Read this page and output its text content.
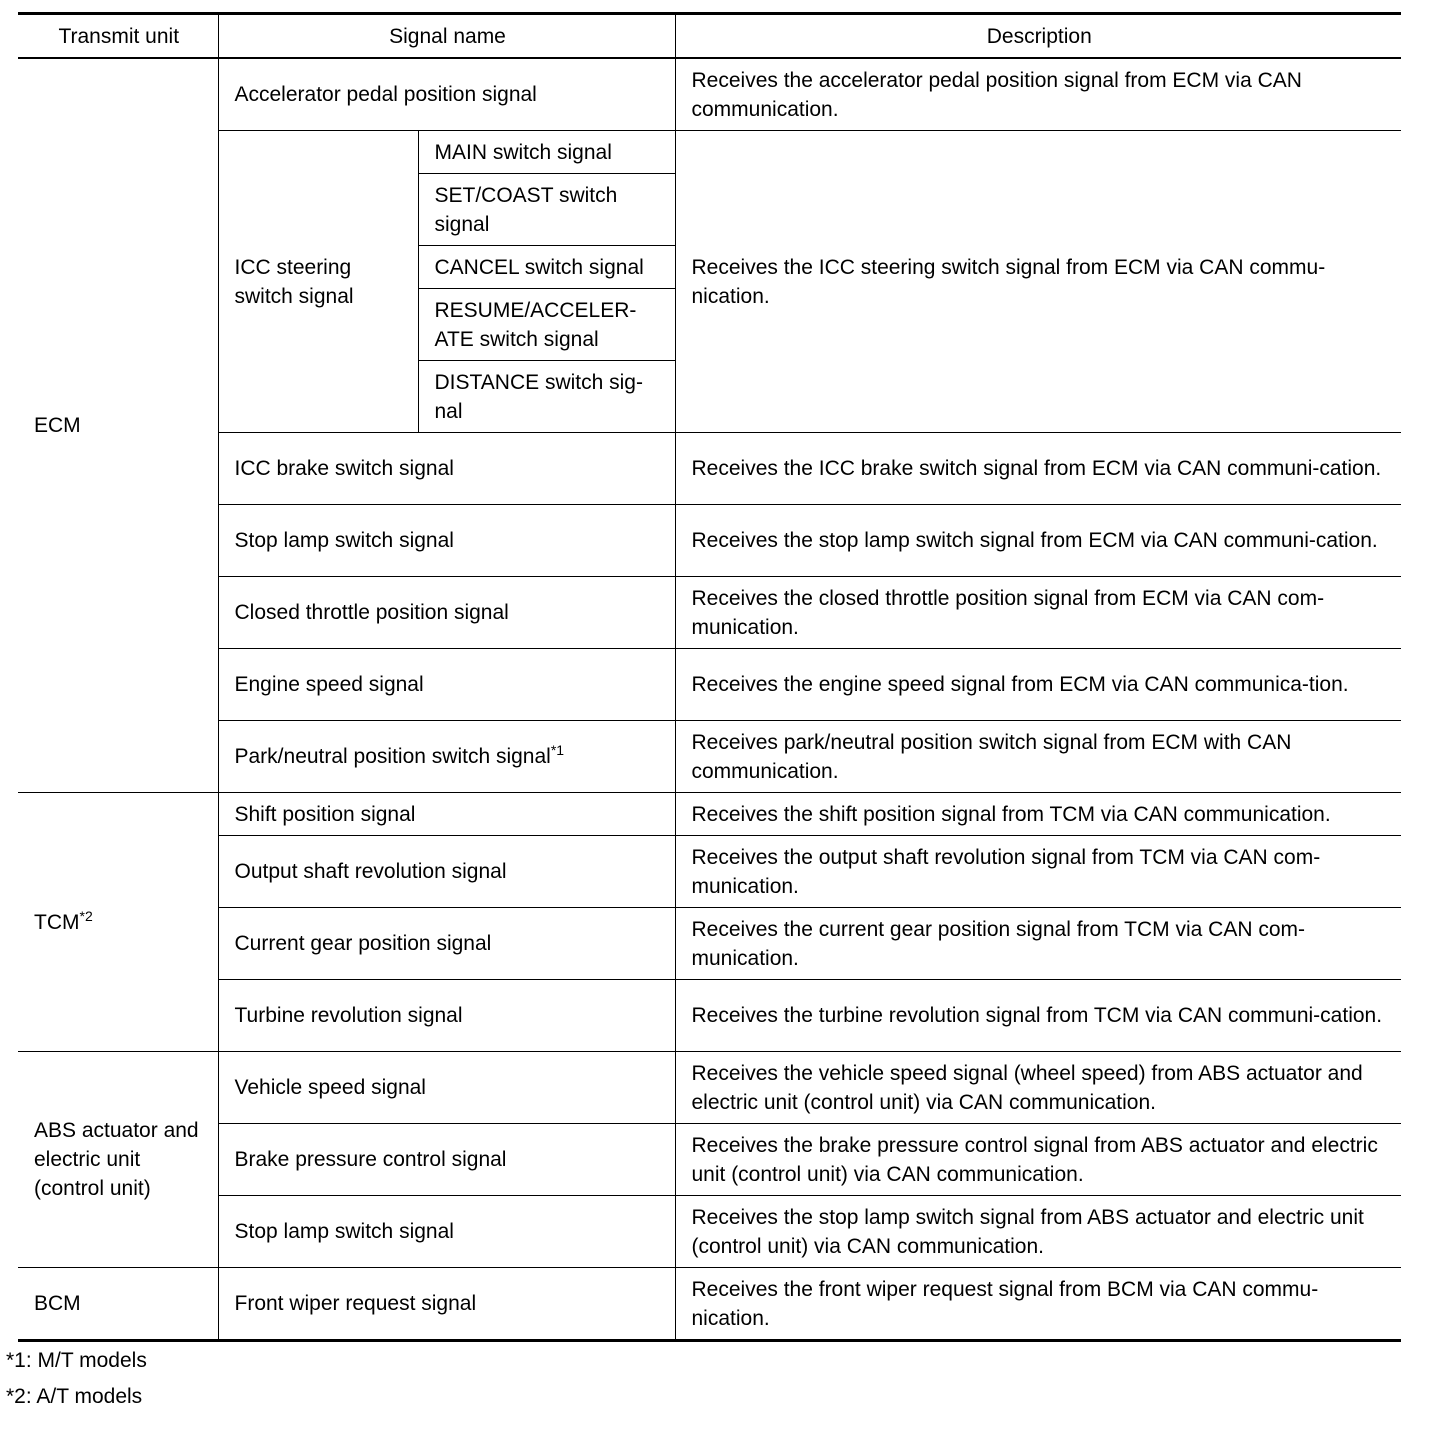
Transmit unit	Signal name		Description
ECM	Accelerator pedal position signal		Receives the accelerator pedal position signal from ECM via CAN communication.
	ICC steering switch signal	MAIN switch signal	Receives the ICC steering switch signal from ECM via CAN commu-nication.
		SET/COAST switch signal	
		CANCEL switch signal	
		RESUME/ACCELER-ATE switch signal	
		DISTANCE switch sig-nal	
	ICC brake switch signal		Receives the ICC brake switch signal from ECM via CAN communi-cation.
	Stop lamp switch signal		Receives the stop lamp switch signal from ECM via CAN communi-cation.
	Closed throttle position signal		Receives the closed throttle position signal from ECM via CAN com-munication.
	Engine speed signal		Receives the engine speed signal from ECM via CAN communica-tion.
	Park/neutral position switch signal$^{*1}$		Receives park/neutral position switch signal from ECM with CAN communication.
TCM$^{*2}$	Shift position signal		Receives the shift position signal from TCM via CAN communication.
	Output shaft revolution signal		Receives the output shaft revolution signal from TCM via CAN com-munication.
	Current gear position signal		Receives the current gear position signal from TCM via CAN com-munication.
	Turbine revolution signal		Receives the turbine revolution signal from TCM via CAN communi-cation.
ABS actuator and electric unit (control unit)	Vehicle speed signal		Receives the vehicle speed signal (wheel speed) from ABS actuator and electric unit (control unit) via CAN communication.
	Brake pressure control signal		Receives the brake pressure control signal from ABS actuator and electric unit (control unit) via CAN communication.
	Stop lamp switch signal		Receives the stop lamp switch signal from ABS actuator and electric unit (control unit) via CAN communication.
BCM	Front wiper request signal		Receives the front wiper request signal from BCM via CAN commu-nication.
*1: M/T models
*2: A/T models
